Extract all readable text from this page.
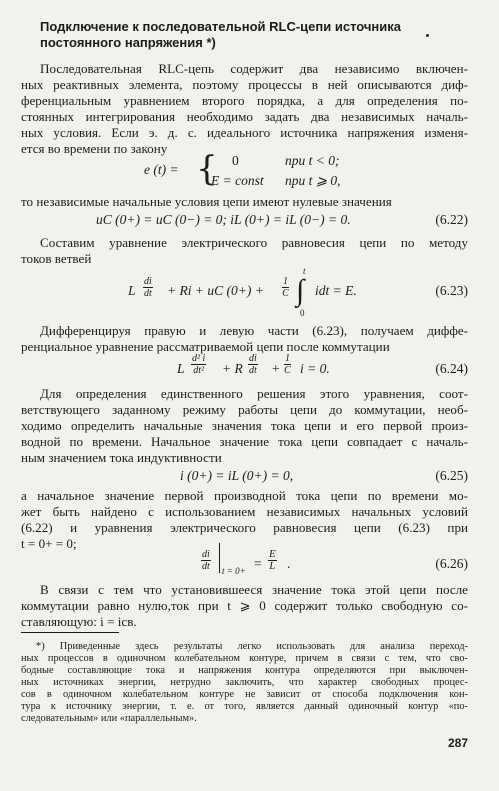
Подключение к последовательной RLC-цепи источника
постоянного напряжения *)
Последовательная RLC-цепь содержит два независимо включен-
ных реактивных элемента, поэтому процессы в ней описываются диф-
ференциальным уравнением второго порядка, а для определения по-
стоянных интегрирования необходимо задать два независимых началь-
ных условия. Если э. д. с. идеального источника напряжения изменя-
ется во времени по закону
e (t) = { 0	при t < 0;
E = const при t ⩾ 0,
то независимые начальные условия цепи имеют нулевые значения
uC (0+) = uC (0−) = 0; iL (0+) = iL (0−) = 0.	(6.22)
Составим уравнение электрического равновесия цепи по методу
токов ветвей
L $\frac{di}{dt} + Ri$ + uC $(0+) + \frac{1}{C}$
t
∫
0
idt = E.	(6.23)
Дифференцируя правую и левую части (6.23), получаем диффе-
ренциальное уравнение рассматриваемой цепи после коммутации
L $\frac{\text{d² i}}{\text{dt²}} + R \frac{di}{dt} + \frac{1}{C}$ i = 0.	(6.24)
Для определения единственного решения этого уравнения, соот-
ветствующего заданному режиму работы цепи до коммутации, необ-
ходимо определить начальные значения тока цепи и его первой произ-
водной по времени. Начальное значение тока цепи совпадает с началь-
ным значением тока индуктивности
i (0+) = iL (0+) = 0,	(6.25)
а начальное значение первой производной тока цепи по времени мо-
жет быть найдено с использованием независимых начальных условий
(6.22) и уравнения электрического равновесия цепи (6.23) при
t = 0+ = 0;
$\frac{di}{dt}$ $t = 0+ = \frac{E}{L}$ .	(6.26)
В связи с тем что установившееся значение тока этой цепи после
коммутации равно нулю,ток при t ⩾ 0 содержит только свободную со-
ставляющую: i = iсв.
*) Приведенные здесь результаты легко использовать для анализа переход-
ных процессов в одиночном колебательном контуре, причем в связи с тем, что сво-
бодные составляющие тока и напряжения контура определяются при выключен-
ных источниках энергии, нетрудно заключить, что характер свободных процес-
сов в одиночном колебательном контуре не зависит от способа подключения кон-
тура к источнику энергии, т. е. от того, является данный одиночный контур «по-
следовательным» или «параллельным».
287
